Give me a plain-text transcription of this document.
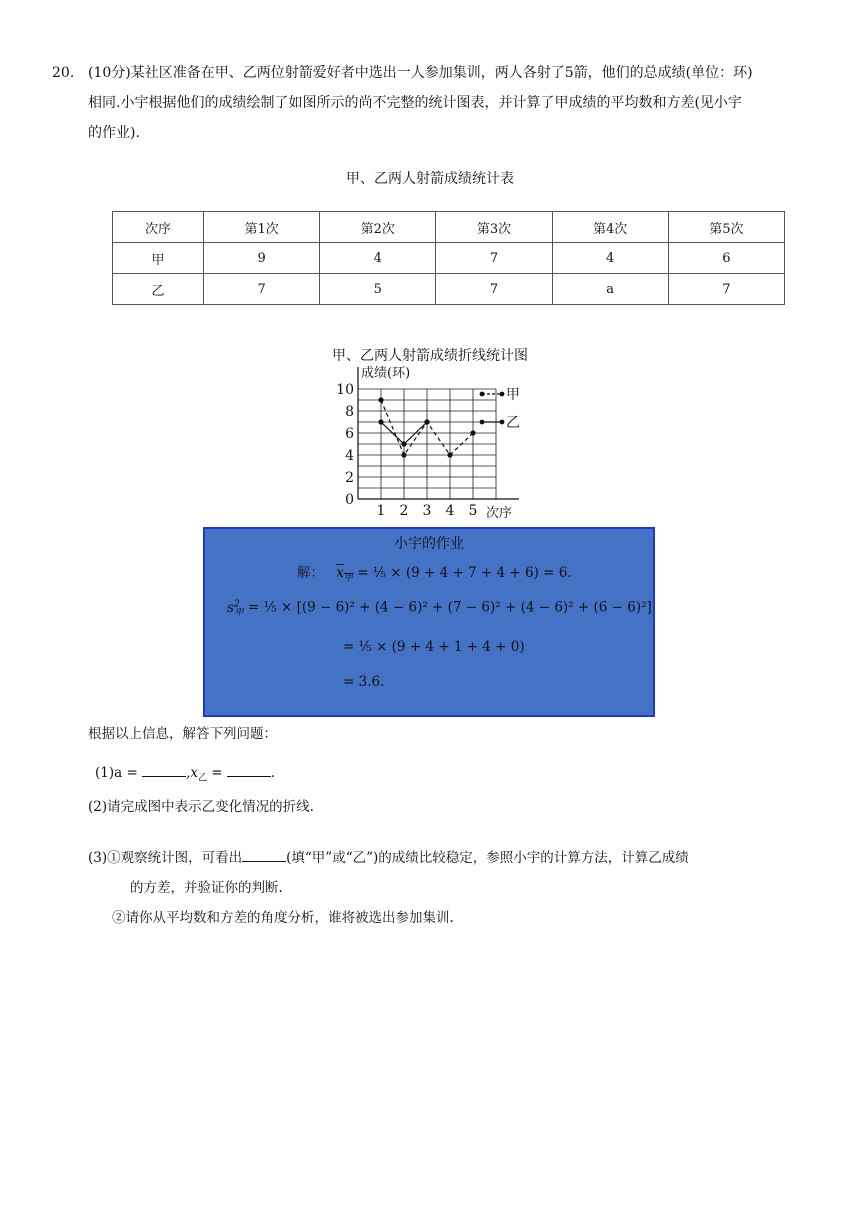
20. (10分)某社区准备在甲、乙两位射箭爱好者中选出一人参加集训，两人各射了5箭，他们的总成绩(单位：环)
相同.小宇根据他们的成绩绘制了如图所示的尚不完整的统计图表，并计算了甲成绩的平均数和方差(见小宇
的作业).
甲、乙两人射箭成绩统计表
次序	第1次	第2次	第3次	第4次	第5次
甲	9	4	7	4	6
乙	7	5	7	a	7
甲、乙两人射箭成绩折线统计图
0
2
4
6
8
10
1 2 3 4 5
甲
乙
成绩(环)
次序
小宇的作业
解： $x_甲$ = ⅕ × (9 + 4 + 7 + 4 + 6) = 6.
$s^2_甲$ = ⅕ × [(9 − 6)² + (4 − 6)² + (7 − 6)² + (4 − 6)² + (6 − 6)²]
= ⅕ × (9 + 4 + 1 + 4 + 0)
= 3.6.
根据以上信息，解答下列问题：
(1)a =	$,x_乙$ =	.
(2)请完成图中表示乙变化情况的折线.
(3)①观察统计图，可看出	(填“甲”或“乙”)的成绩比较稳定，参照小宇的计算方法，计算乙成绩
的方差，并验证你的判断.
②请你从平均数和方差的角度分析，谁将被选出参加集训.
